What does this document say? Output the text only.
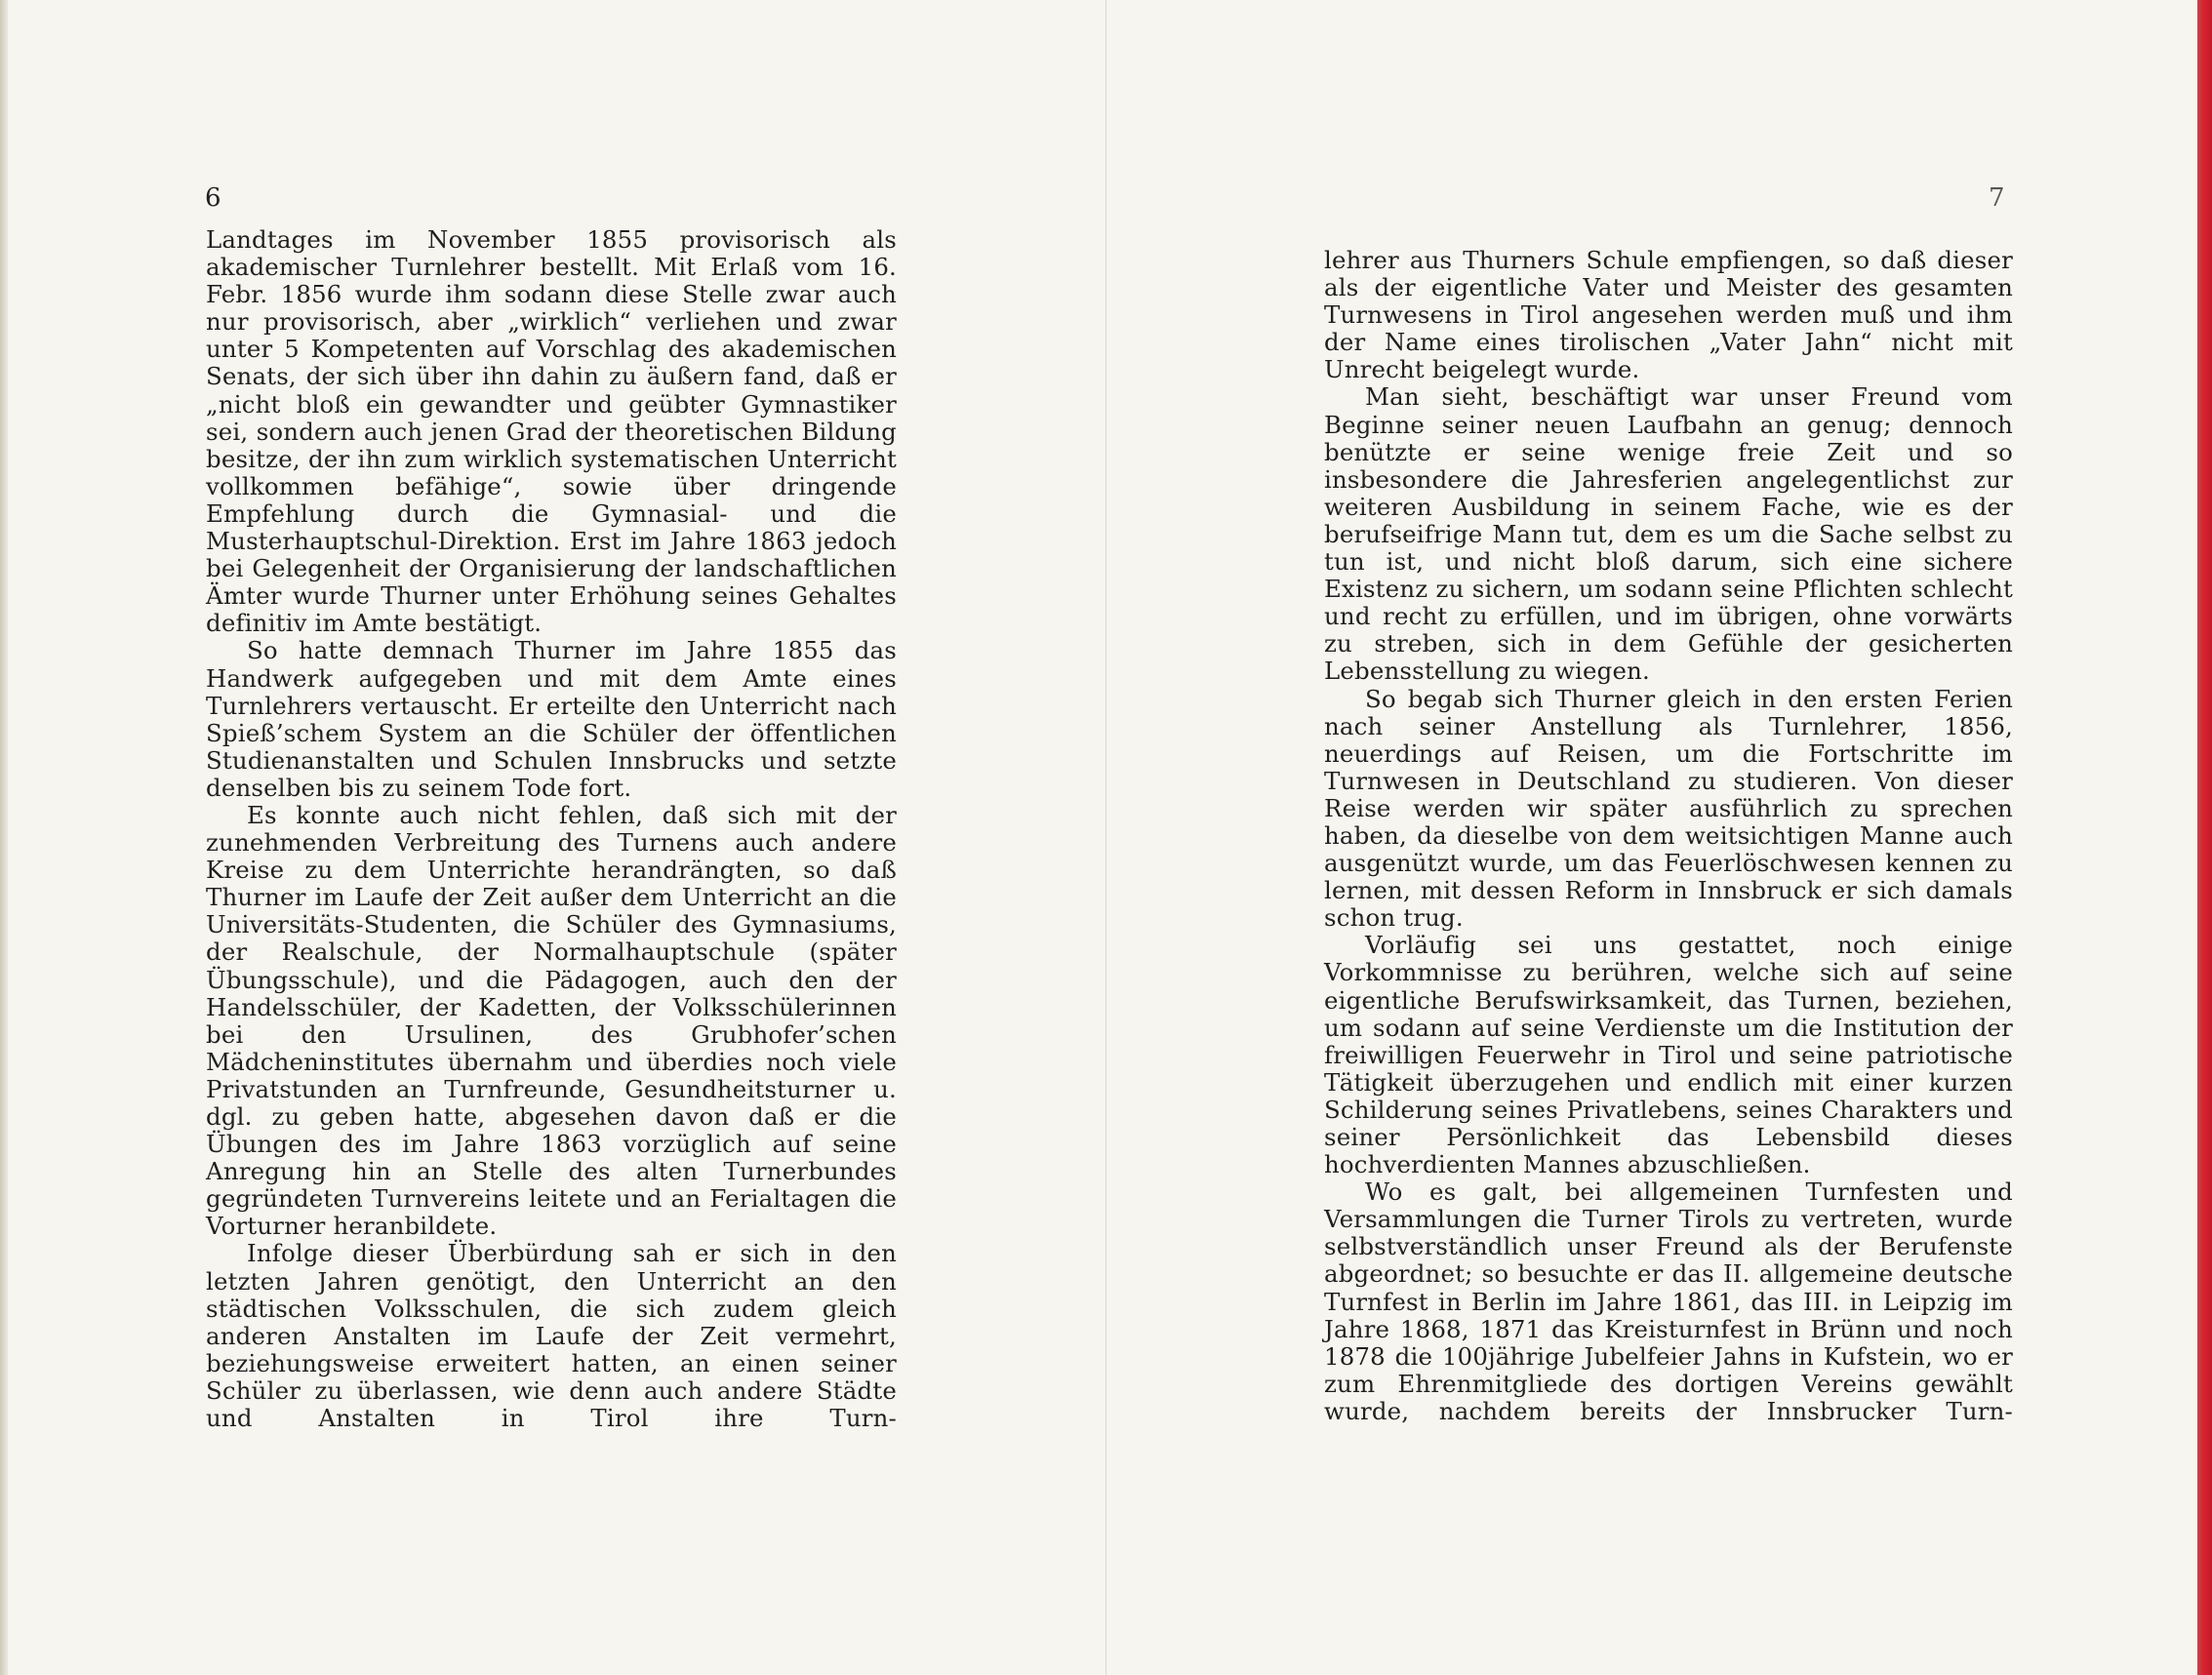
6

Landtages im November 1855 provisorisch als akademischer Turnlehrer bestellt. Mit Erlaß vom 16. Febr. 1856 wurde ihm sodann diese Stelle zwar auch nur provisorisch, aber „wirklich“ verliehen und zwar unter 5 Kompetenten auf Vorschlag des akademischen Senats, der sich über ihn dahin zu äußern fand, daß er „nicht bloß ein gewandter und geübter Gymnastiker sei, sondern auch jenen Grad der theoretischen Bildung besitze, der ihn zum wirklich systematischen Unterricht vollkommen befähige“, sowie über dringende Empfehlung durch die Gymnasial- und die Musterhauptschul-Direktion. Erst im Jahre 1863 jedoch bei Gelegenheit der Organisierung der landschaftlichen Ämter wurde Thurner unter Erhöhung seines Gehaltes definitiv im Amte bestätigt.

So hatte demnach Thurner im Jahre 1855 das Handwerk aufgegeben und mit dem Amte eines Turnlehrers vertauscht. Er erteilte den Unterricht nach Spieß’schem System an die Schüler der öffentlichen Studienanstalten und Schulen Innsbrucks und setzte denselben bis zu seinem Tode fort.

Es konnte auch nicht fehlen, daß sich mit der zunehmenden Verbreitung des Turnens auch andere Kreise zu dem Unterrichte herandrängten, so daß Thurner im Laufe der Zeit außer dem Unterricht an die Universitäts-Studenten, die Schüler des Gymnasiums, der Realschule, der Normalhauptschule (später Übungsschule), und die Pädagogen, auch den der Handelsschüler, der Kadetten, der Volksschülerinnen bei den Ursulinen, des Grubhofer’schen Mädcheninstitutes übernahm und überdies noch viele Privatstunden an Turnfreunde, Gesundheitsturner u. dgl. zu geben hatte, abgesehen davon daß er die Übungen des im Jahre 1863 vorzüglich auf seine Anregung hin an Stelle des alten Turnerbundes gegründeten Turnvereins leitete und an Ferialtagen die Vorturner heranbildete.

Infolge dieser Überbürdung sah er sich in den letzten Jahren genötigt, den Unterricht an den städtischen Volksschulen, die sich zudem gleich anderen Anstalten im Laufe der Zeit vermehrt, beziehungsweise erweitert hatten, an einen seiner Schüler zu überlassen, wie denn auch andere Städte und Anstalten in Tirol ihre Turn-

7

lehrer aus Thurners Schule empfiengen, so daß dieser als der eigentliche Vater und Meister des gesamten Turnwesens in Tirol angesehen werden muß und ihm der Name eines tirolischen „Vater Jahn“ nicht mit Unrecht beigelegt wurde.

Man sieht, beschäftigt war unser Freund vom Beginne seiner neuen Laufbahn an genug; dennoch benützte er seine wenige freie Zeit und so insbesondere die Jahresferien angelegentlichst zur weiteren Ausbildung in seinem Fache, wie es der berufseifrige Mann tut, dem es um die Sache selbst zu tun ist, und nicht bloß darum, sich eine sichere Existenz zu sichern, um sodann seine Pflichten schlecht und recht zu erfüllen, und im übrigen, ohne vorwärts zu streben, sich in dem Gefühle der gesicherten Lebensstellung zu wiegen.

So begab sich Thurner gleich in den ersten Ferien nach seiner Anstellung als Turnlehrer, 1856, neuerdings auf Reisen, um die Fortschritte im Turnwesen in Deutschland zu studieren. Von dieser Reise werden wir später ausführlich zu sprechen haben, da dieselbe von dem weitsichtigen Manne auch ausgenützt wurde, um das Feuerlöschwesen kennen zu lernen, mit dessen Reform in Innsbruck er sich damals schon trug.

Vorläufig sei uns gestattet, noch einige Vorkommnisse zu berühren, welche sich auf seine eigentliche Berufswirksamkeit, das Turnen, beziehen, um sodann auf seine Verdienste um die Institution der freiwilligen Feuerwehr in Tirol und seine patriotische Tätigkeit überzugehen und endlich mit einer kurzen Schilderung seines Privatlebens, seines Charakters und seiner Persönlichkeit das Lebensbild dieses hochverdienten Mannes abzuschließen.

Wo es galt, bei allgemeinen Turnfesten und Versammlungen die Turner Tirols zu vertreten, wurde selbstverständlich unser Freund als der Berufenste abgeordnet; so besuchte er das II. allgemeine deutsche Turnfest in Berlin im Jahre 1861, das III. in Leipzig im Jahre 1868, 1871 das Kreisturnfest in Brünn und noch 1878 die 100jährige Jubelfeier Jahns in Kufstein, wo er zum Ehrenmitgliede des dortigen Vereins gewählt wurde, nachdem bereits der Innsbrucker Turn-
